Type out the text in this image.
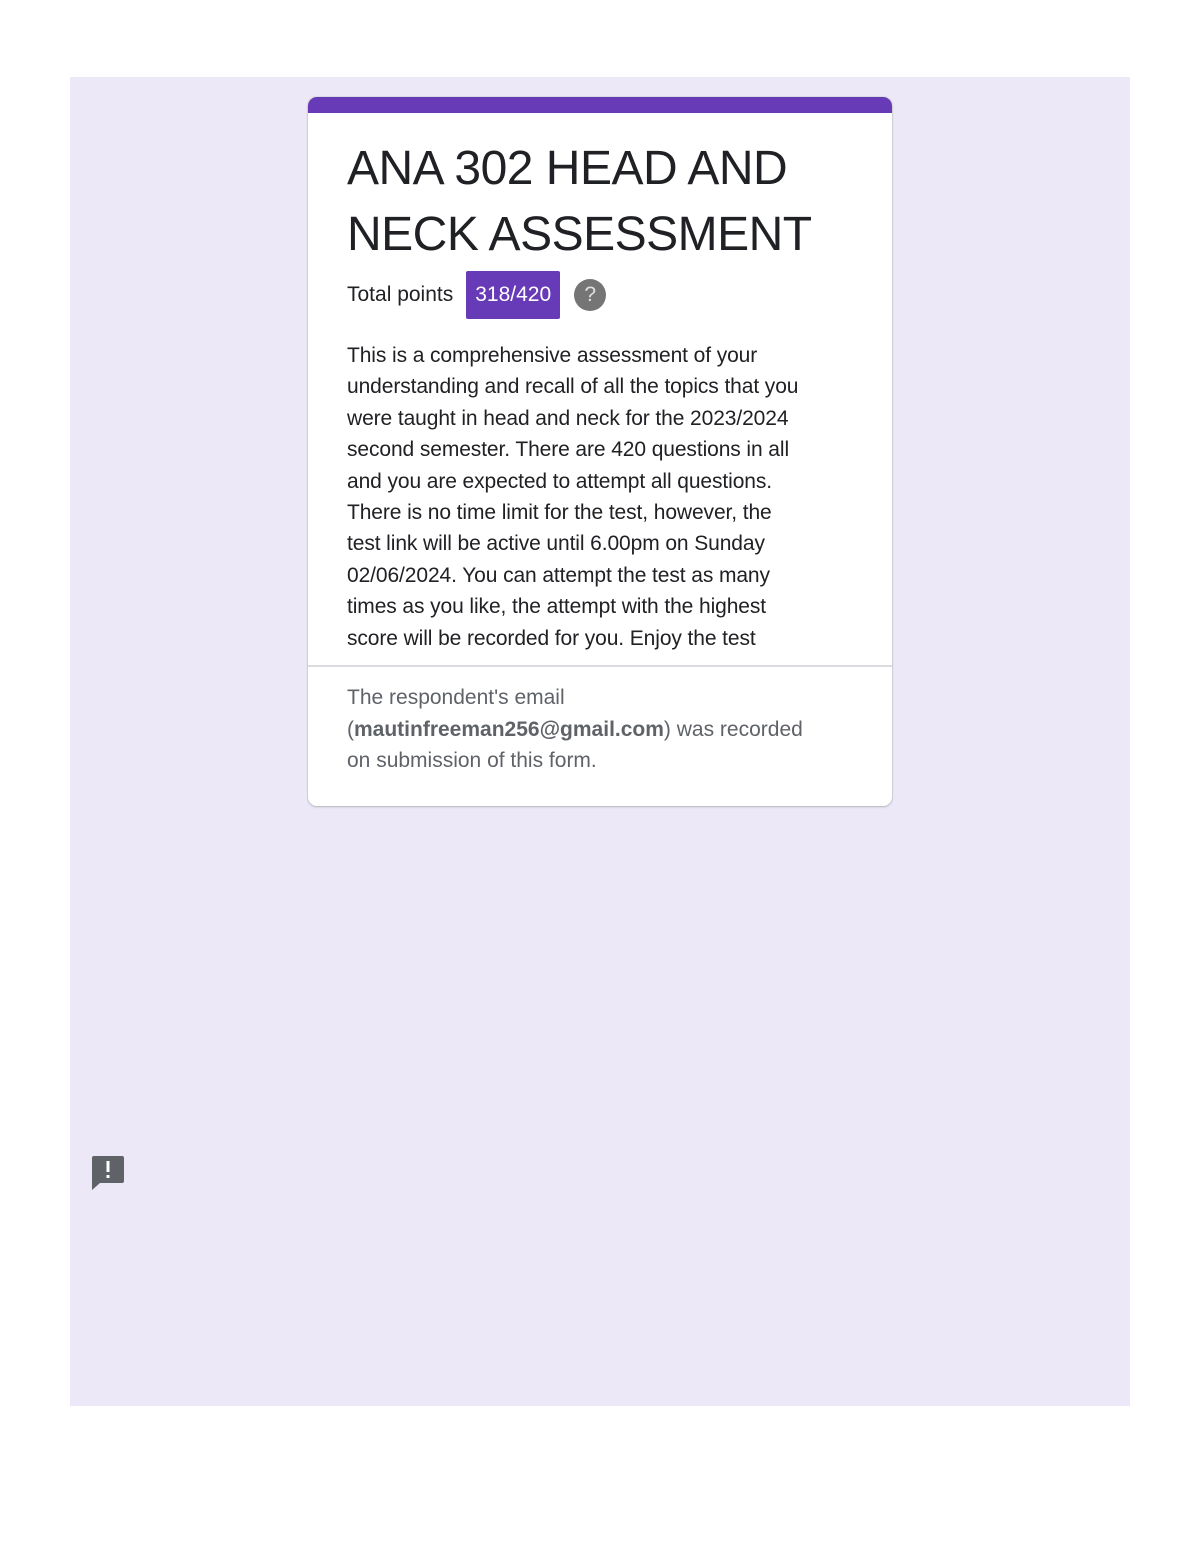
ANA 302 HEAD AND NECK ASSESSMENT
Total points	318/420	?
This is a comprehensive assessment of your
understanding and recall of all the topics that you
were taught in head and neck for the 2023/2024
second semester. There are 420 questions in all
and you are expected to attempt all questions.
There is no time limit for the test, however, the
test link will be active until 6.00pm on Sunday
02/06/2024. You can attempt the test as many
times as you like, the attempt with the highest
score will be recorded for you. Enjoy the test
The respondent's email
(mautinfreeman256@gmail.com) was recorded
on submission of this form.
